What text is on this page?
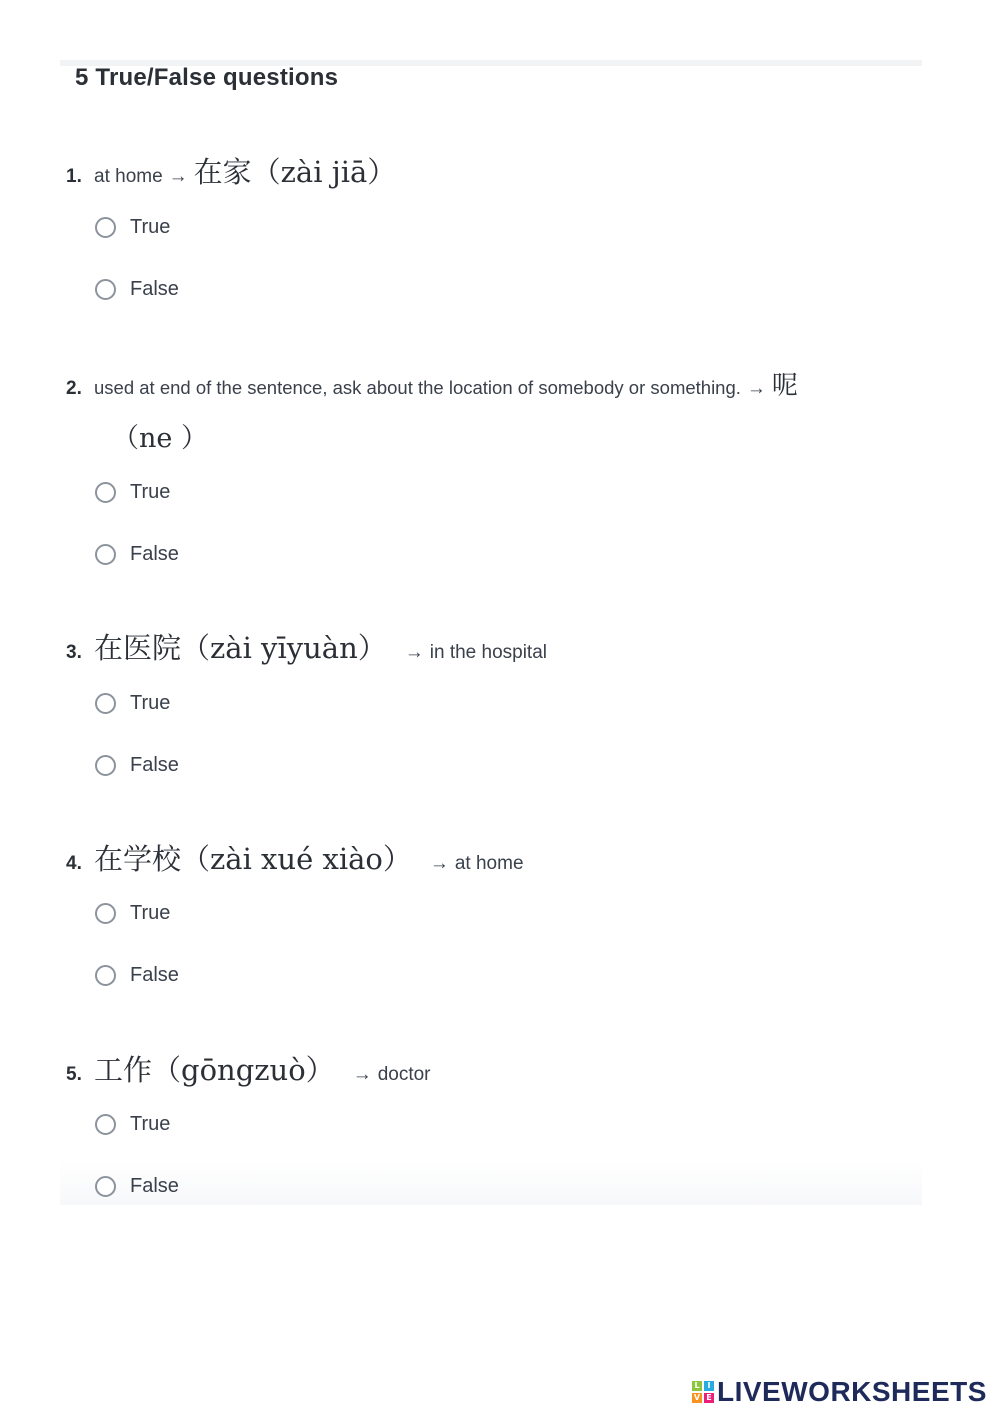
5 True/False questions
1. at home → 在家（zài jiā）
True
False
2. used at end of the sentence, ask about the location of somebody or something. → 呢
（ne ）
True
False
3. 在医院（zài yīyuàn） → in the hospital
True
False
4. 在学校（zài xué xiào） → at home
True
False
5. 工作（gōngzuò） → doctor
True
False
L I
V E LIVEWORKSHEETS
